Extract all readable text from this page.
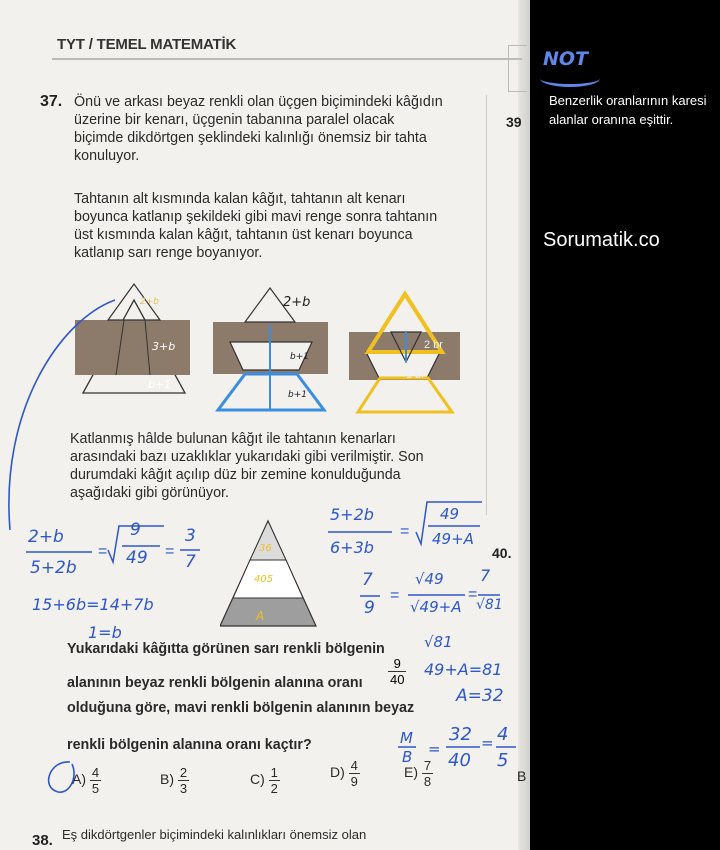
TYT / TEMEL MATEMATİK
39
40.
B
37. Önü ve arkası beyaz renkli olan üçgen biçimindeki kâğıdın
üzerine bir kenarı, üçgenin tabanına paralel olacak
biçimde dikdörtgen şeklindeki kalınlığı önemsiz bir tahta
konuluyor.
Tahtanın alt kısmında kalan kâğıt, tahtanın alt kenarı
boyunca katlanıp şekildeki gibi mavi renge sonra tahtanın
üst kısmında kalan kâğıt, tahtanın üst kenarı boyunca
katlanıp sarı renge boyanıyor.
2 br
1 br
2+b
3+b
b+1
2+b
b+1
b+1
Katlanmış hâlde bulunan kâğıt ile tahtanın kenarları
arasındaki bazı uzaklıklar yukarıdaki gibi verilmiştir. Son
durumdaki kâğıt açılıp düz bir zemine konulduğunda
aşağıdaki gibi görünüyor.
36
405
A
2+b
5+2b
9
49
3
7
=	=
15+6b=14+7b
1=b
5+2b
6+3b
49
49+A
7
9
√49
√49+A
7
√81
√81
=
=	=
49+A=81
A=32
Yukarıdaki kâğıtta görünen sarı renkli bölgenin
alanının beyaz renkli bölgenin alanına oranı $\frac{9}{40}$
olduğuna göre, mavi renkli bölgenin alanının beyaz
renkli bölgenin alanına oranı kaçtır?
$A) \frac{4}{5}$	$B) \frac{2}{3}$	$C) \frac{1}{2}$	$D) \frac{4}{9}$	$E) \frac{7}{8}$
M
B =
32
40
= 4
5
38. Eş dikdörtgenler biçimindeki kalınlıkları önemsiz olan
NOT
Benzerlik oranlarının karesi alanlar oranına eşittir.
Sorumatik.co
